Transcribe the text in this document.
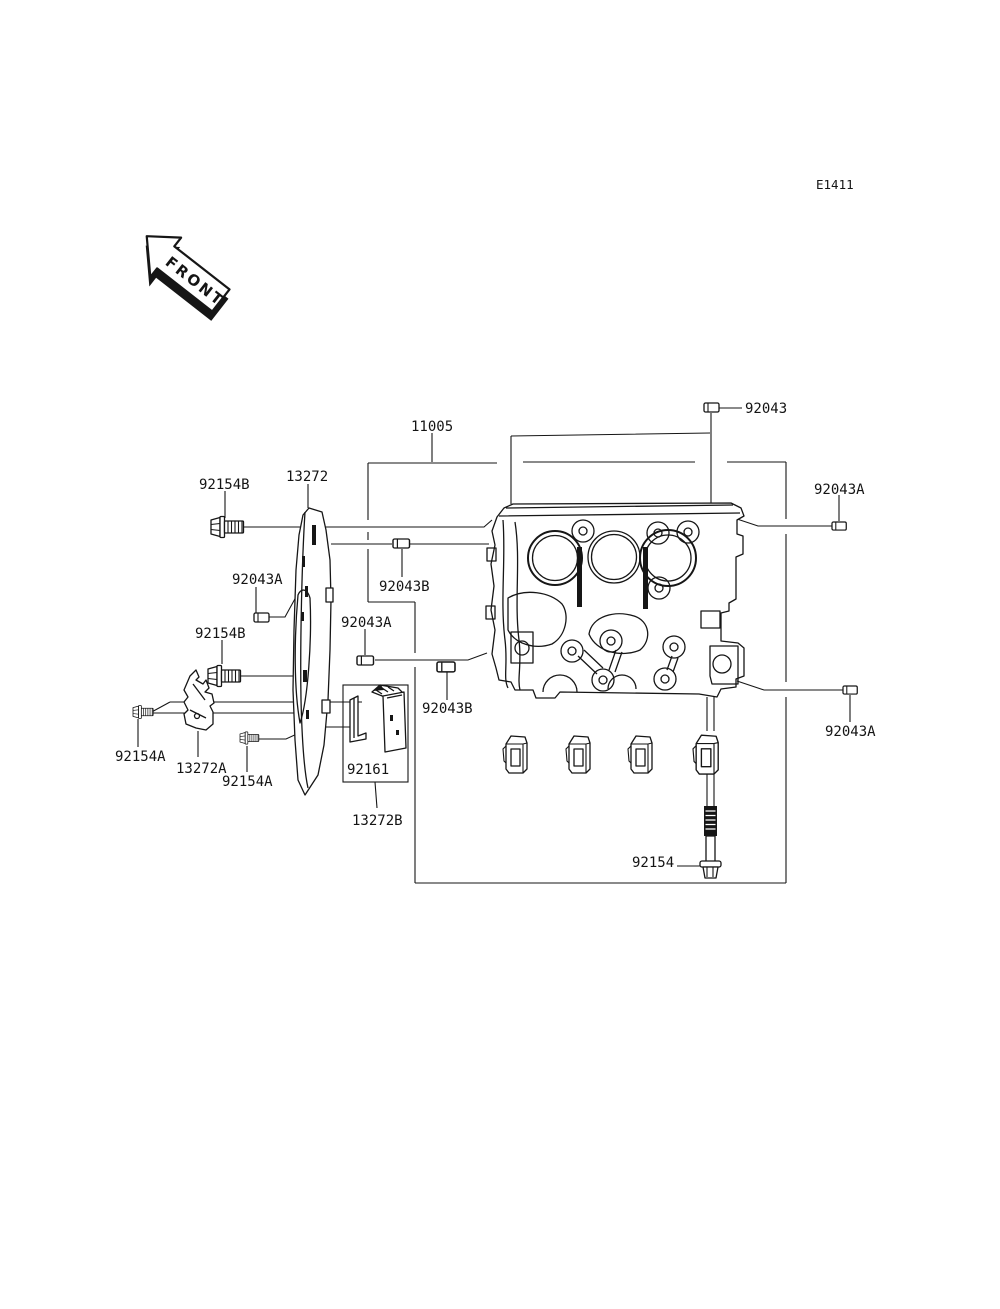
FRONT
E1411
92043
11005
13272
92154B	92043A
92043A	92043B
92043A
92154B
92043B
92043A
92154A
13272A	92161
92154A
13272B
92154
